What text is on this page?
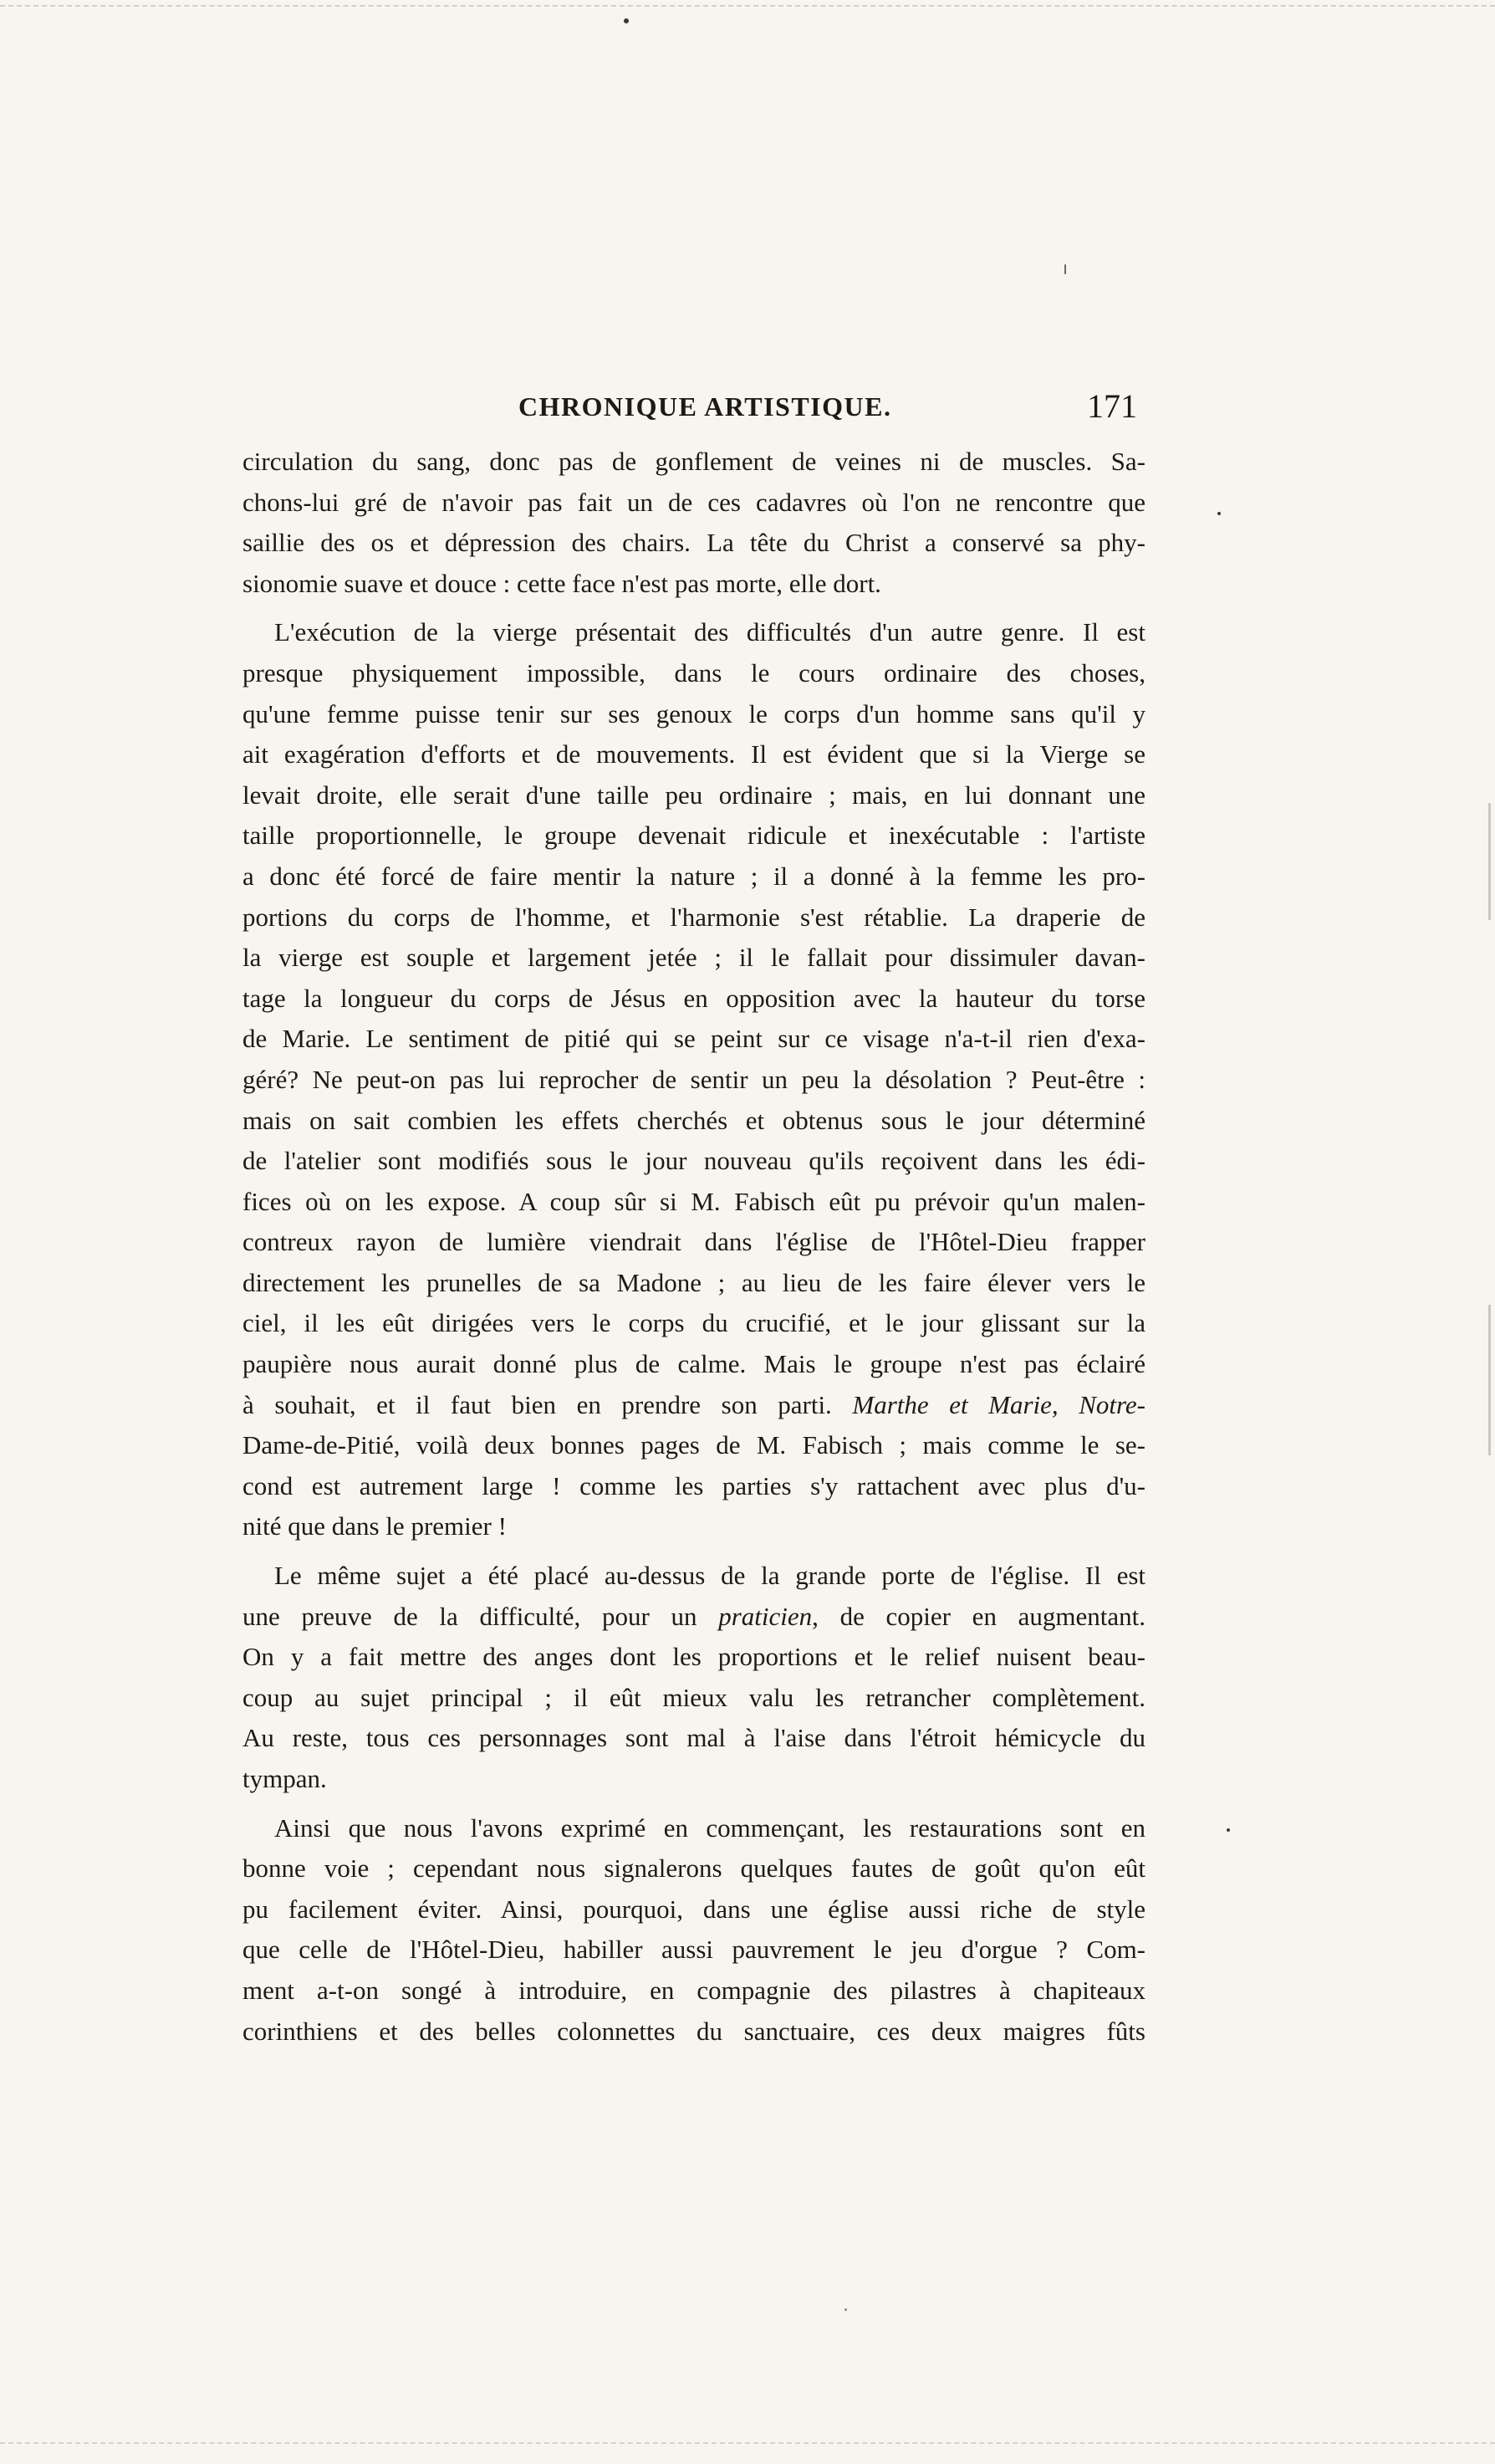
CHRONIQUE ARTISTIQUE.	171
circulation du sang, donc pas de gonflement de veines ni de muscles. Sa-
chons-lui gré de n'avoir pas fait un de ces cadavres où l'on ne rencontre que
saillie des os et dépression des chairs. La tête du Christ a conservé sa phy-
sionomie suave et douce : cette face n'est pas morte, elle dort.
L'exécution de la vierge présentait des difficultés d'un autre genre. Il est
presque physiquement impossible, dans le cours ordinaire des choses,
qu'une femme puisse tenir sur ses genoux le corps d'un homme sans qu'il y
ait exagération d'efforts et de mouvements. Il est évident que si la Vierge se
levait droite, elle serait d'une taille peu ordinaire ; mais, en lui donnant une
taille proportionnelle, le groupe devenait ridicule et inexécutable : l'artiste
a donc été forcé de faire mentir la nature ; il a donné à la femme les pro-
portions du corps de l'homme, et l'harmonie s'est rétablie. La draperie de
la vierge est souple et largement jetée ; il le fallait pour dissimuler davan-
tage la longueur du corps de Jésus en opposition avec la hauteur du torse
de Marie. Le sentiment de pitié qui se peint sur ce visage n'a-t-il rien d'exa-
géré? Ne peut-on pas lui reprocher de sentir un peu la désolation ? Peut-être :
mais on sait combien les effets cherchés et obtenus sous le jour déterminé
de l'atelier sont modifiés sous le jour nouveau qu'ils reçoivent dans les édi-
fices où on les expose. A coup sûr si M. Fabisch eût pu prévoir qu'un malen-
contreux rayon de lumière viendrait dans l'église de l'Hôtel-Dieu frapper
directement les prunelles de sa Madone ; au lieu de les faire élever vers le
ciel, il les eût dirigées vers le corps du crucifié, et le jour glissant sur la
paupière nous aurait donné plus de calme. Mais le groupe n'est pas éclairé
à souhait, et il faut bien en prendre son parti. Marthe et Marie, Notre-
Dame-de-Pitié, voilà deux bonnes pages de M. Fabisch ; mais comme le se-
cond est autrement large ! comme les parties s'y rattachent avec plus d'u-
nité que dans le premier !
Le même sujet a été placé au-dessus de la grande porte de l'église. Il est
une preuve de la difficulté, pour un praticien, de copier en augmentant.
On y a fait mettre des anges dont les proportions et le relief nuisent beau-
coup au sujet principal ; il eût mieux valu les retrancher complètement.
Au reste, tous ces personnages sont mal à l'aise dans l'étroit hémicycle du
tympan.
Ainsi que nous l'avons exprimé en commençant, les restaurations sont en
bonne voie ; cependant nous signalerons quelques fautes de goût qu'on eût
pu facilement éviter. Ainsi, pourquoi, dans une église aussi riche de style
que celle de l'Hôtel-Dieu, habiller aussi pauvrement le jeu d'orgue ? Com-
ment a-t-on songé à introduire, en compagnie des pilastres à chapiteaux
corinthiens et des belles colonnettes du sanctuaire, ces deux maigres fûts
